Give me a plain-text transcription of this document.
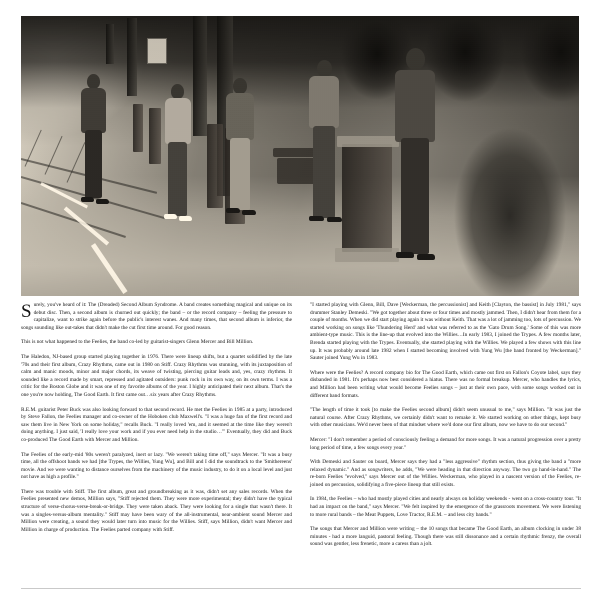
Surely, you've heard of it: The (Dreaded) Second Album Syndrome. A band creates something magical and unique on its debut disc. Then, a second album is churned out quickly; the band – or the record company – feeling the pressure to capitalize, want to strike again before the public's interest wanes. And many times, that second album is inferior, the songs sounding like out-takes that didn't make the cut first time around. For good reason.

This is not what happened to the Feelies, the band co-led by guitarist-singers Glenn Mercer and Bill Million.

The Haledon, NJ-based group started playing together in 1976. There were lineup shifts, but a quartet solidified by the late '70s and their first album, Crazy Rhythms, came out in 1980 on Stiff. Crazy Rhythms was stunning, with its juxtaposition of calm and manic moods, minor and major chords, its weave of twisting, piercing guitar leads and, yes, crazy rhythms. It sounded like a record made by smart, repressed and agitated outsiders: punk rock in its own way, on its own terms. I was a critic for the Boston Globe and it was one of my favorite albums of the year. I highly anticipated their next album. That's the one you're now holding, The Good Earth. It first came out…six years after Crazy Rhythms.

R.E.M. guitarist Peter Buck was also looking forward to that second record. He met the Feelies in 1985 at a party, introduced by Steve Fallon, the Feelies manager and co-owner of the Hoboken club Maxwell's. "I was a huge fan of the first record and saw them live in New York on some holiday," recalls Buck. "I really loved 'em, and it seemed at the time like they weren't doing anything. I just said, 'I really love your work and if you ever need help in the studio…'" Eventually, they did and Buck co-produced The Good Earth with Mercer and Million.

The Feelies of the early-mid '80s weren't paralyzed, inert or lazy. "We weren't taking time off," says Mercer. "It was a busy time, all the offshoot bands we had [the Trypes, the Willies, Yung Wu], and Bill and I did the soundtrack to the 'Smithereens' movie. And we were wanting to distance ourselves from the machinery of the music industry, to do it on a local level and just not have as high a profile."

There was trouble with Stiff. The first album, great and groundbreaking as it was, didn't set any sales records. When the Feelies presented new demos, Million says, "Stiff rejected them. They were more experimental; they didn't have the typical structure of verse-chorus-verse-break-or-bridge. They were taken aback. They were looking for a single that wasn't there. It was a singles-versus-album mentality." Stiff may have been wary of the all-instrumental, near-ambient sound Mercer and Million were creating, a sound they would later turn into music for the Willies. Stiff, says Million, didn't want Mercer and Million in charge of production. The Feelies parted company with Stiff.

"I started playing with Glenn, Bill, Dave [Weckerman, the percussionist] and Keith [Clayton, the bassist] in July 1981," says drummer Stanley Demeski. "We got together about three or four times and mostly jammed. Then, I didn't hear from them for a couple of months. When we did start playing again it was without Keith. That was a lot of jamming too, lots of percussion. We started working on songs like 'Thundering Herd' and what was referred to as the 'Gato Drum Song.' Some of this was more ambient-type music. This is the line-up that evolved into the Willies…In early 1983, I joined the Trypes. A few months later, Brenda started playing with the Trypes. Eventually, she started playing with the Willies. We played a few shows with this line up. It was probably around late 1982 when I started becoming involved with Yung Wu [the band fronted by Weckerman]." Sauter joined Yung Wu in 1983.

Where were the Feelies? A record company bio for The Good Earth, which came out first on Fallon's Coyote label, says they disbanded in 1981. It's perhaps now best considered a hiatus. There was no formal breakup. Mercer, who handles the lyrics, and Million had been writing what would become Feelies songs – just at their own pace, with some songs worked out in different band formats.

"The length of time it took [to make the Feelies second album] didn't seem unusual to me," says Million. "It was just the natural course. After Crazy Rhythms, we certainly didn't want to remake it. We started working on other things, kept busy with other musicians. We'd never been of that mindset where we'd done our first album, now we have to do our second."

Mercer: "I don't remember a period of consciously feeling a demand for more songs. It was a natural progression over a pretty long period of time, a few songs every year."

With Demeski and Sauter on board, Mercer says they had a "less aggressive" rhythm section, thus giving the band a "more relaxed dynamic." And as songwriters, he adds, "We were heading in that direction anyway. The two go hand-in-hand." The re-born Feelies "evolved," says Mercer out of the Willies. Weckerman, who played in a nascent version of the Feelies, re-joined on percussion, solidifying a five-piece lineup that still exists.

In 1984, the Feelies – who had mostly played cities and nearly always on holiday weekends - went on a cross-country tour. "It had an impact on the band," says Mercer. "We felt inspired by the emergence of the grassroots movement. We were listening to more rural bands – the Meat Puppets, Love Tractor, R.E.M. – and less city bands."

The songs that Mercer and Million were writing – the 10 songs that became The Good Earth, an album clocking in under 38 minutes - had a more languid, pastoral feeling. Though there was still dissonance and a certain rhythmic frenzy, the overall sound was gentler, less frenetic, more a caress than a jolt.
